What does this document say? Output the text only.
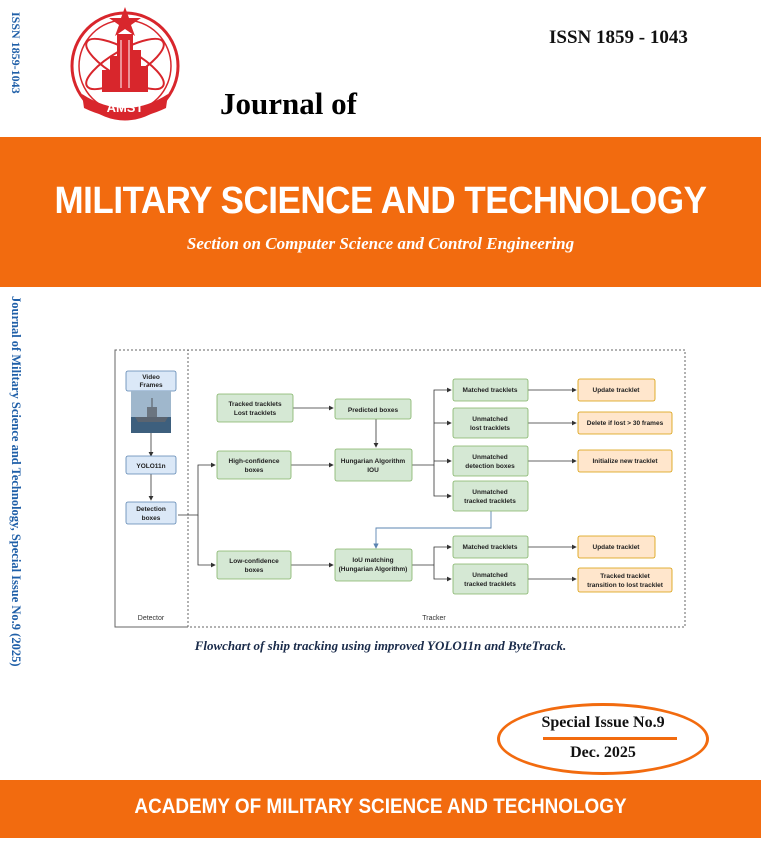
ISSN 1859-1043
Journal of Military Science and Technology, Special Issue No.9 (2025)
AMST
ISSN 1859 - 1043
Journal of
MILITARY SCIENCE AND TECHNOLOGY
Section on Computer Science and Control Engineering
Detector	Tracker
Video
Frames
YOLO11n
Detection
boxes
Tracked tracklets
Lost tracklets	Predicted boxes
High-confidence
boxes
Hungarian Algorithm
IOU
Low-confidence
boxes
IoU matching
(Hungarian Algorithm)
Matched tracklets
Unmatched
lost tracklets
Unmatched
detection boxes
Unmatched
tracked tracklets
Matched tracklets
Unmatched
tracked tracklets
Update tracklet
Delete if lost > 30 frames
Initialize new tracklet
Update tracklet
Tracked tracklet
transition to lost tracklet
Flowchart of ship tracking using improved YOLO11n and ByteTrack.
Special Issue No.9
Dec. 2025
ACADEMY OF MILITARY SCIENCE AND TECHNOLOGY
